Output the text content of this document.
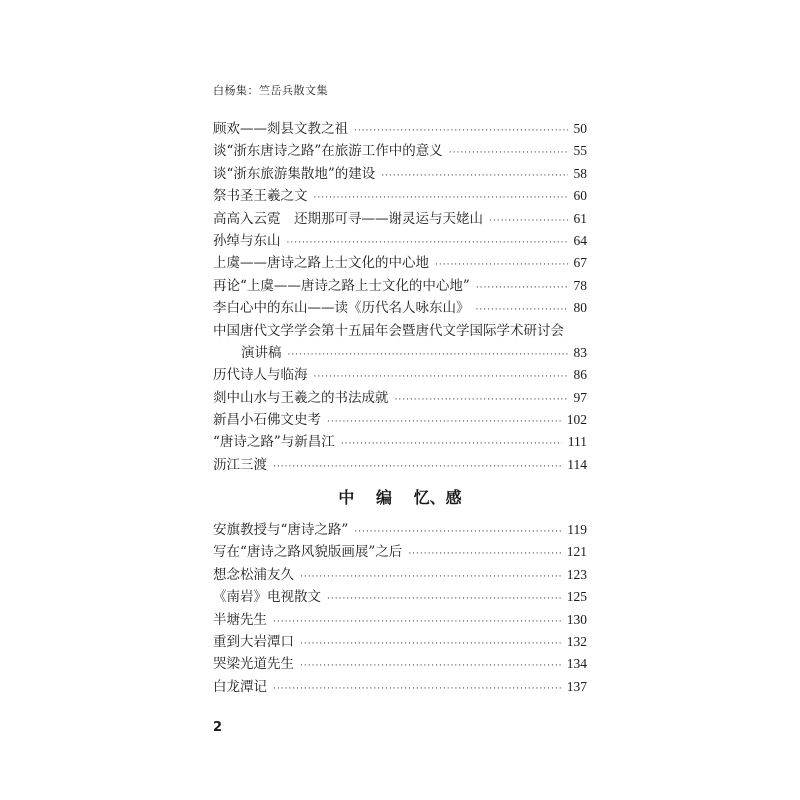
白杨集：竺岳兵散文集
顾欢——剡县文教之祖 ·····	50
谈“浙东唐诗之路”在旅游工作中的意义 ·····	55
谈“浙东旅游集散地”的建设 ·····	58
祭书圣王羲之文 ·····	60
高高入云霓　还期那可寻——谢灵运与天姥山 ·····	61
孙绰与东山 ·····	64
上虞——唐诗之路上士文化的中心地 ·····	67
再论“上虞——唐诗之路上士文化的中心地” ·····	78
李白心中的东山——读《历代名人咏东山》 ·····	80
中国唐代文学学会第十五届年会暨唐代文学国际学术研讨会
演讲稿 ·····	83
历代诗人与临海 ·····	86
剡中山水与王羲之的书法成就 ·····	97
新昌小石佛文史考 ·····	102
“唐诗之路”与新昌江 ·····	111
沥江三渡 ·····	114
中 编 忆、感
安旗教授与“唐诗之路” ·····	119
写在“唐诗之路风貌版画展”之后 ·····	121
想念松浦友久 ·····	123
《南岩》电视散文 ·····	125
半塘先生 ·····	130
重到大岩潭口 ·····	132
哭梁光道先生 ·····	134
白龙潭记 ·····	137
2
